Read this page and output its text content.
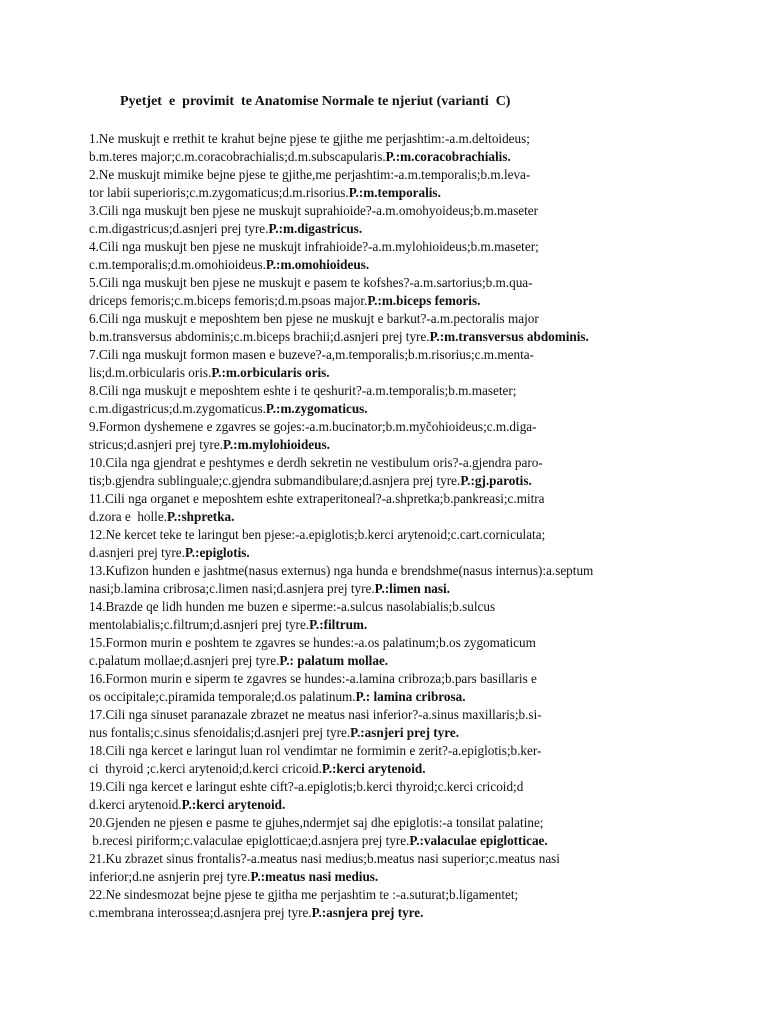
Pyetjet  e  provimit  te Anatomise Normale te njeriut (varianti  C)
1.Ne muskujt e rrethit te krahut bejne pjese te gjithe me perjashtim:-a.m.deltoideus;
b.m.teres major;c.m.coracobrachialis;d.m.subscapularis.P.:m.coracobrachialis.
2.Ne muskujt mimike bejne pjese te gjithe,me perjashtim:-a.m.temporalis;b.m.leva-
tor labii superioris;c.m.zygomaticus;d.m.risorius.P.:m.temporalis.
3.Cili nga muskujt ben pjese ne muskujt suprahioide?-a.m.omohyoideus;b.m.maseter
c.m.digastricus;d.asnjeri prej tyre.P.:m.digastricus.
4.Cili nga muskujt ben pjese ne muskujt infrahioide?-a.m.mylohioideus;b.m.maseter;
c.m.temporalis;d.m.omohioideus.P.:m.omohioideus.
5.Cili nga muskujt ben pjese ne muskujt e pasem te kofshes?-a.m.sartorius;b.m.qua-
driceps femoris;c.m.biceps femoris;d.m.psoas major.P.:m.biceps femoris.
6.Cili nga muskujt e meposhtem ben pjese ne muskujt e barkut?-a.m.pectoralis major
b.m.transversus abdominis;c.m.biceps brachii;d.asnjeri prej tyre.P.:m.transversus abdominis.
7.Cili nga muskujt formon masen e buzeve?-a,m.temporalis;b.m.risorius;c.m.menta-
lis;d.m.orbicularis oris.P.:m.orbicularis oris.
8.Cili nga muskujt e meposhtem eshte i te qeshurit?-a.m.temporalis;b.m.maseter;
c.m.digastricus;d.m.zygomaticus.P.:m.zygomaticus.
9.Formon dyshemene e zgavres se gojes:-a.m.bucinator;b.m.myčohioideus;c.m.diga-
stricus;d.asnjeri prej tyre.P.:m.mylohioideus.
10.Cila nga gjendrat e peshtymes e derdh sekretin ne vestibulum oris?-a.gjendra paro-
tis;b.gjendra sublinguale;c.gjendra submandibulare;d.asnjera prej tyre.P.:gj.parotis.
11.Cili nga organet e meposhtem eshte extraperitoneal?-a.shpretka;b.pankreasi;c.mitra
d.zora e  holle.P.:shpretka.
12.Ne kercet teke te laringut ben pjese:-a.epiglotis;b.kerci arytenoid;c.cart.corniculata;
d.asnjeri prej tyre.P.:epiglotis.
13.Kufizon hunden e jashtme(nasus externus) nga hunda e brendshme(nasus internus):a.septum
nasi;b.lamina cribrosa;c.limen nasi;d.asnjera prej tyre.P.:limen nasi.
14.Brazde qe lidh hunden me buzen e siperme:-a.sulcus nasolabialis;b.sulcus
mentolabialis;c.filtrum;d.asnjeri prej tyre.P.:filtrum.
15.Formon murin e poshtem te zgavres se hundes:-a.os palatinum;b.os zygomaticum
c.palatum mollae;d.asnjeri prej tyre.P.: palatum mollae.
16.Formon murin e siperm te zgavres se hundes:-a.lamina cribroza;b.pars basillaris e
os occipitale;c.piramida temporale;d.os palatinum.P.: lamina cribrosa.
17.Cili nga sinuset paranazale zbrazet ne meatus nasi inferior?-a.sinus maxillaris;b.si-
nus fontalis;c.sinus sfenoidalis;d.asnjeri prej tyre.P.:asnjeri prej tyre.
18.Cili nga kercet e laringut luan rol vendimtar ne formimin e zerit?-a.epiglotis;b.ker-
ci  thyroid ;c.kerci arytenoid;d.kerci cricoid.P.:kerci arytenoid.
19.Cili nga kercet e laringut eshte cift?-a.epiglotis;b.kerci thyroid;c.kerci cricoid;d
d.kerci arytenoid.P.:kerci arytenoid.
20.Gjenden ne pjesen e pasme te gjuhes,ndermjet saj dhe epiglotis:-a tonsilat palatine;
b.recesi piriform;c.valaculae epiglotticae;d.asnjera prej tyre.P.:valaculae epiglotticae.
21.Ku zbrazet sinus frontalis?-a.meatus nasi medius;b.meatus nasi superior;c.meatus nasi
inferior;d.ne asnjerin prej tyre.P.:meatus nasi medius.
22.Ne sindesmozat bejne pjese te gjitha me perjashtim te :-a.suturat;b.ligamentet;
c.membrana interossea;d.asnjera prej tyre.P.:asnjera prej tyre.
